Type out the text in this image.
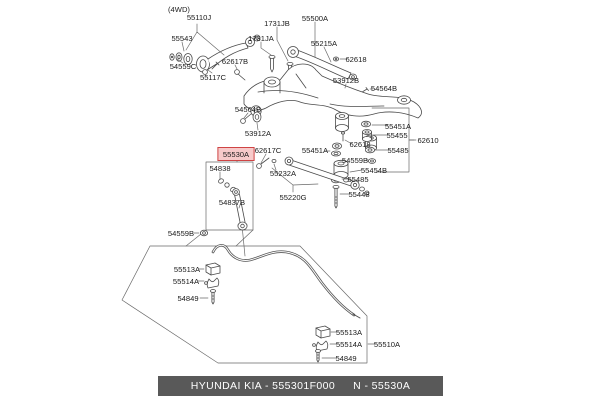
(4WD)
55110J
55543	1731JA
1731JB
55500A
55215A
62618
53912B
54564B
54559C
62617B
55117C
54564B
53912A
55451A
55455
62610
55530A 62617C
62618
55485
55451A
54559B
55454B
55485
55448
54838
54837B
55232A
55220G
54559B
55513A
55514A
54849
55513A
55514A
54849
55510A
HYUNDAI KIA - 555301F000 N - 55530A
